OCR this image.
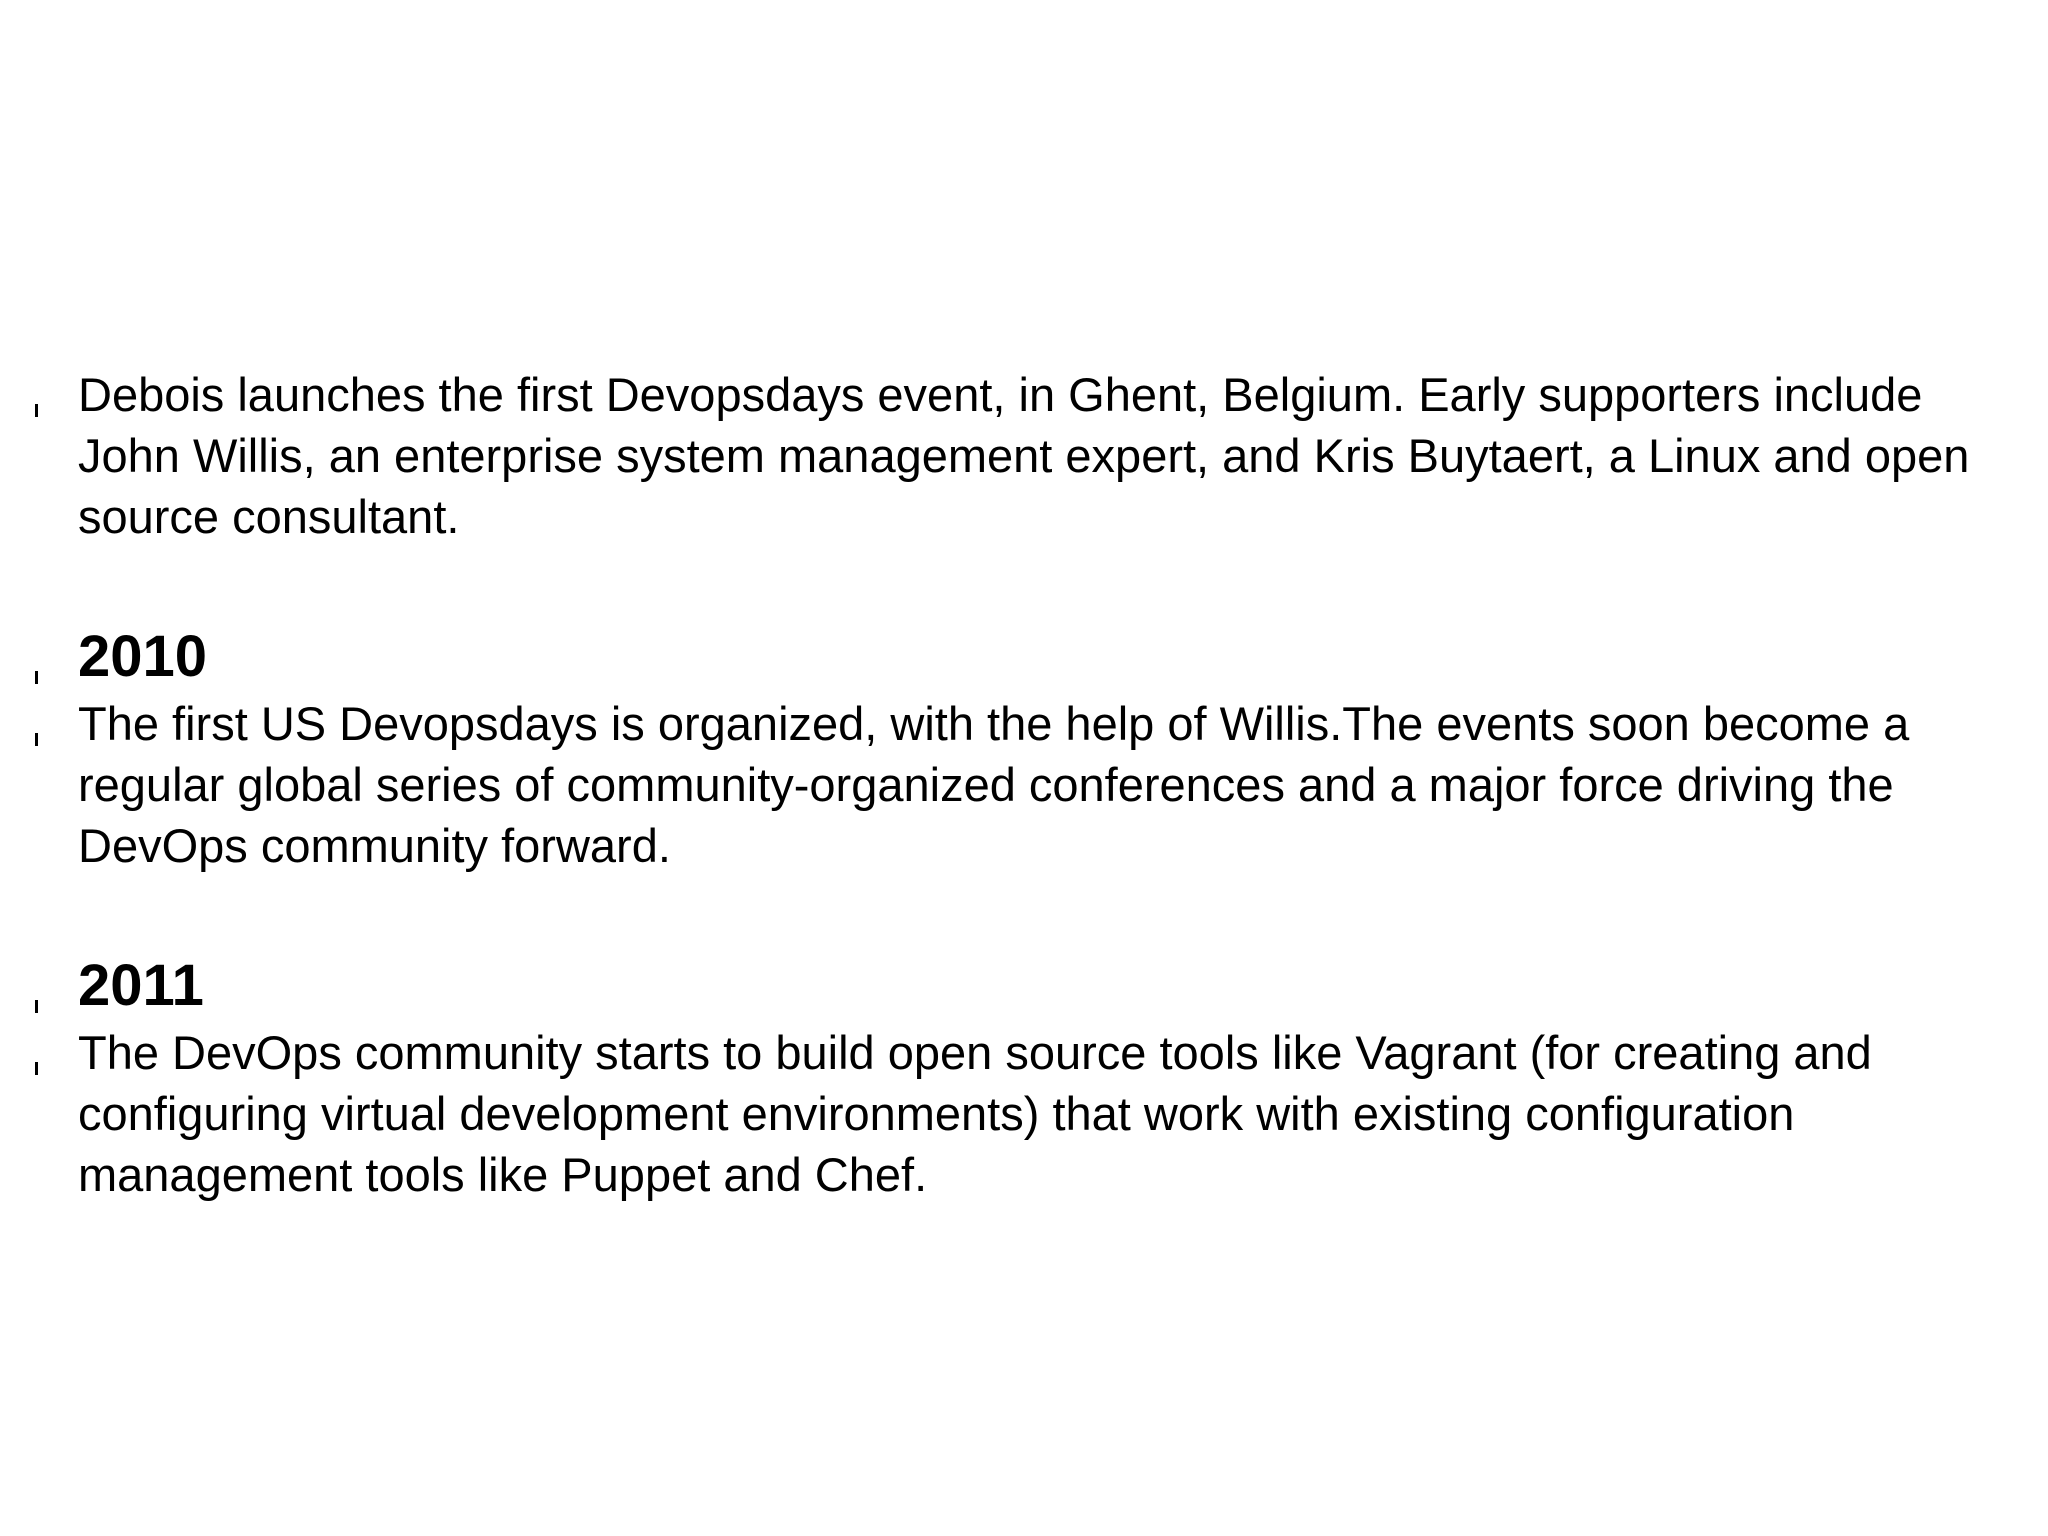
Debois launches the first Devopsdays event, in Ghent, Belgium. Early supporters include John Willis, an enterprise system management expert, and Kris Buytaert, a Linux and open source consultant.
2010
The first US Devopsdays is organized, with the help of Willis.The events soon become a regular global series of community-organized conferences and a major force driving the DevOps community forward.
2011
The DevOps community starts to build open source tools like Vagrant (for creating and configuring virtual development environments) that work with existing configuration management tools like Puppet and Chef.
